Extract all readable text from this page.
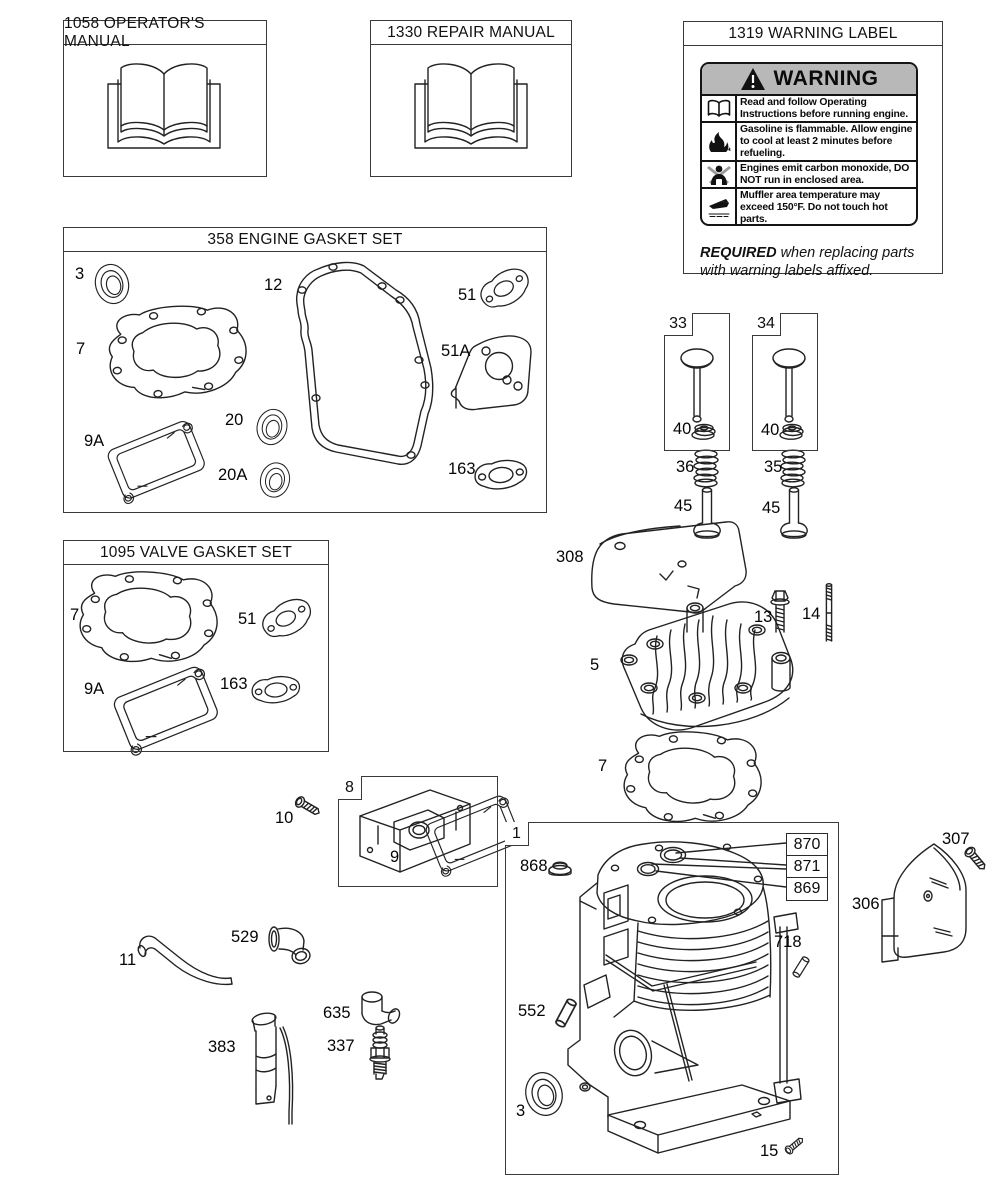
1058 OPERATOR'S MANUAL
1330 REPAIR MANUAL	1319 WARNING LABEL
358 ENGINE GASKET SET
1095 VALVE GASKET SET
33	34
8
1
WARNING
Read and follow Operating Instructions before running engine.
Gasoline is flammable. Allow engine to cool at least 2 minutes before refueling.
Engines emit carbon monoxide, DO NOT run in enclosed area.
Muffler area temperature may exceed 150°F. Do not touch hot parts.

REQUIRED when replacing parts with warning labels affixed.

3
7
9A
12
20
20A
51
51A
163
7	51
9A	163
40	40
36	35
45	45
308
13 14
5
7
10
9	868
718
552
3
15
870
871
869
11
529
635
383	337
307
306
